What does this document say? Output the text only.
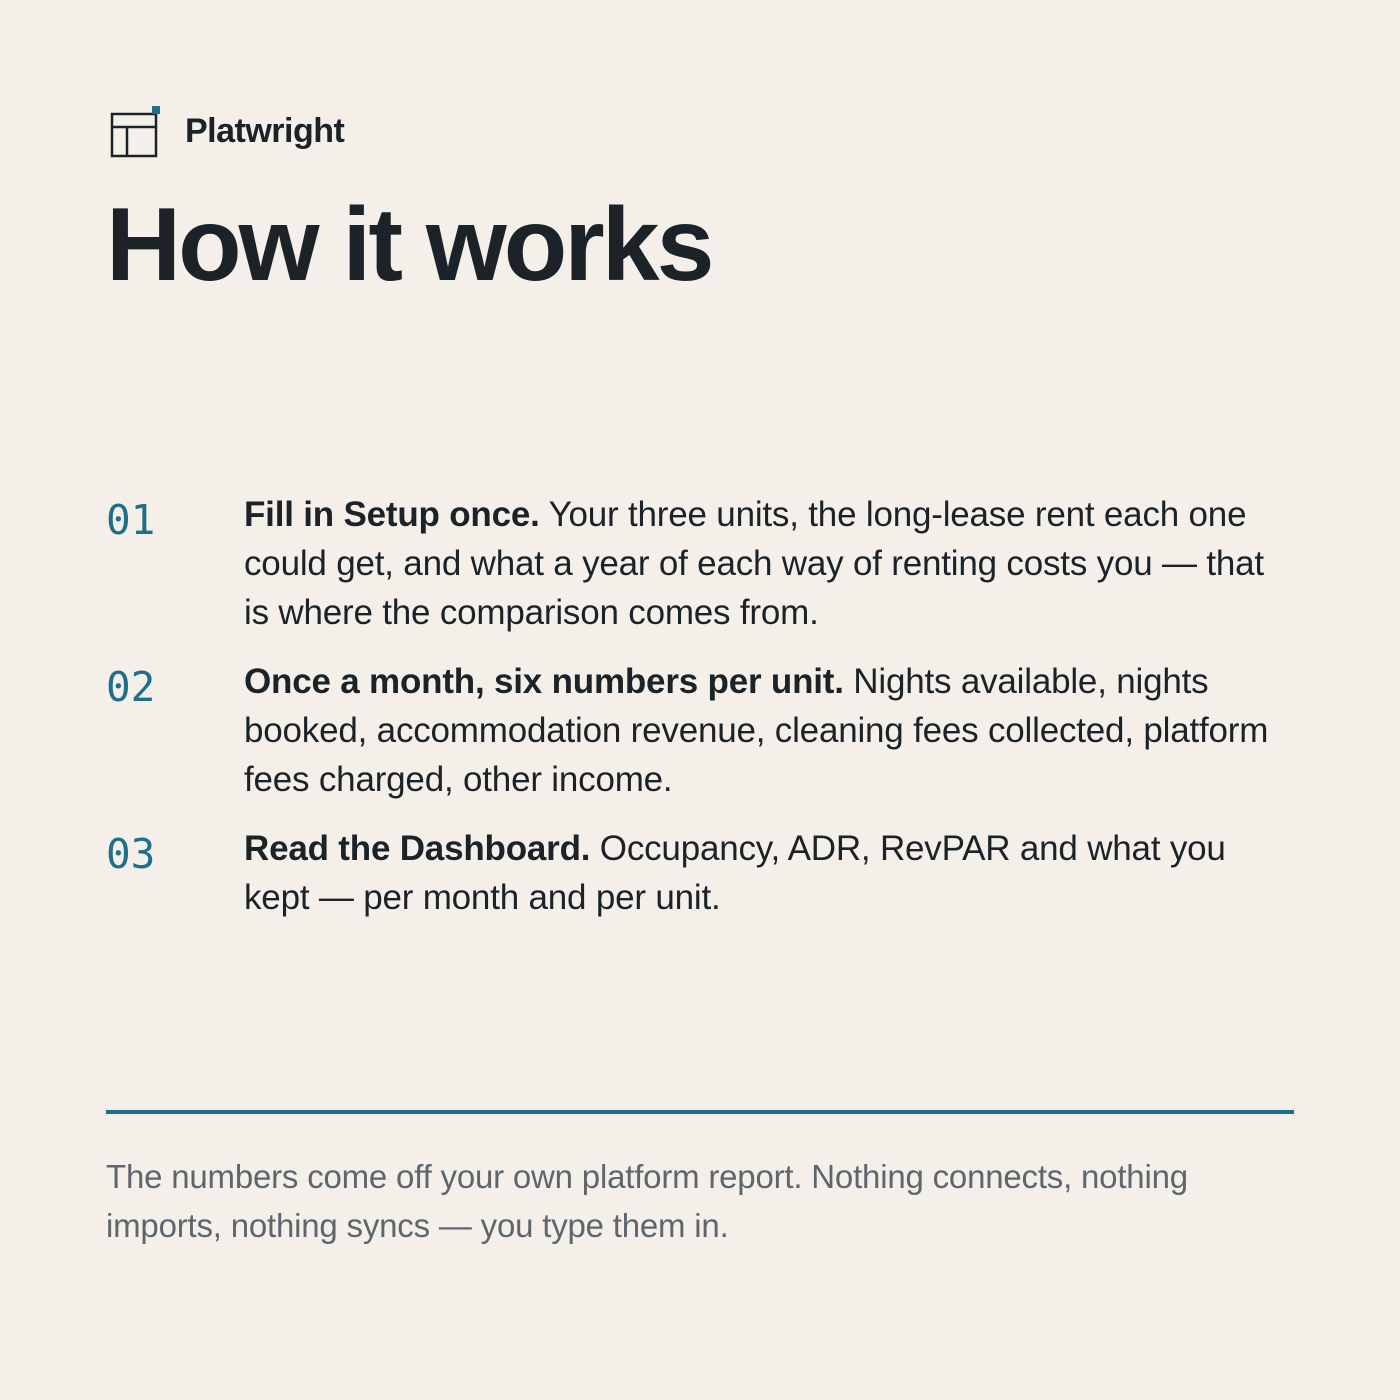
Platwright
How it works
01	Fill in Setup once. Your three units, the long-lease rent each one could get, and what a year of each way of renting costs you — that is where the comparison comes from.
02	Once a month, six numbers per unit. Nights available, nights booked, accommodation revenue, cleaning fees collected, platform fees charged, other income.
03	Read the Dashboard. Occupancy, ADR, RevPAR and what you kept — per month and per unit.

The numbers come off your own platform report. Nothing connects, nothing imports, nothing syncs — you type them in.
